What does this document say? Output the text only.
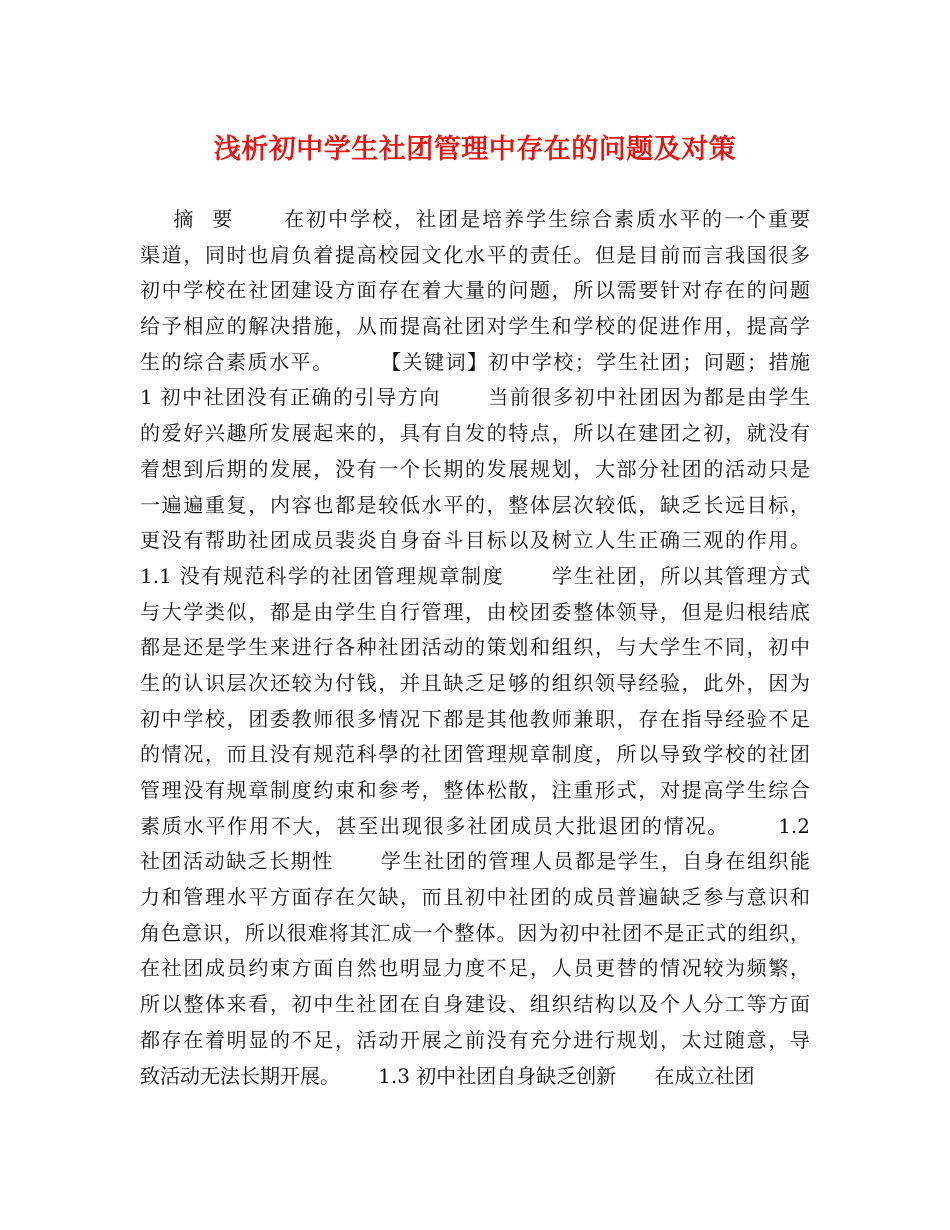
浅析初中学生社团管理中存在的问题及对策
摘  要      在初中学校，社团是培养学生综合素质水平的一个重要
渠道，同时也肩负着提高校园文化水平的责任。但是目前而言我国很多
初中学校在社团建设方面存在着大量的问题，所以需要针对存在的问题
给予相应的解决措施，从而提高社团对学生和学校的促进作用，提高学
生的综合素质水平。      【关键词】初中学校；学生社团；问题；措施
1 初中社团没有正确的引导方向      当前很多初中社团因为都是由学生
的爱好兴趣所发展起来的，具有自发的特点，所以在建团之初，就没有
着想到后期的发展，没有一个长期的发展规划，大部分社团的活动只是
一遍遍重复，内容也都是较低水平的，整体层次较低，缺乏长远目标，
更没有帮助社团成员裴炎自身奋斗目标以及树立人生正确三观的作用。
1.1 没有规范科学的社团管理规章制度      学生社团，所以其管理方式
与大学类似，都是由学生自行管理，由校团委整体领导，但是归根结底
都是还是学生来进行各种社团活动的策划和组织，与大学生不同，初中
生的认识层次还较为付钱，并且缺乏足够的组织领导经验，此外，因为
初中学校，团委教师很多情况下都是其他教师兼职，存在指导经验不足
的情况，而且没有规范科學的社团管理规章制度，所以导致学校的社团
管理没有规章制度约束和参考，整体松散，注重形式，对提高学生综合
素质水平作用不大，甚至出现很多社团成员大批退团的情况。      1.2
社团活动缺乏长期性      学生社团的管理人员都是学生，自身在组织能
力和管理水平方面存在欠缺，而且初中社团的成员普遍缺乏参与意识和
角色意识，所以很难将其汇成一个整体。因为初中社团不是正式的组织，
在社团成员约束方面自然也明显力度不足，人员更替的情况较为频繁，
所以整体来看，初中生社团在自身建设、组织结构以及个人分工等方面
都存在着明显的不足，活动开展之前没有充分进行规划，太过随意，导
致活动无法长期开展。      1.3 初中社团自身缺乏创新      在成立社团
